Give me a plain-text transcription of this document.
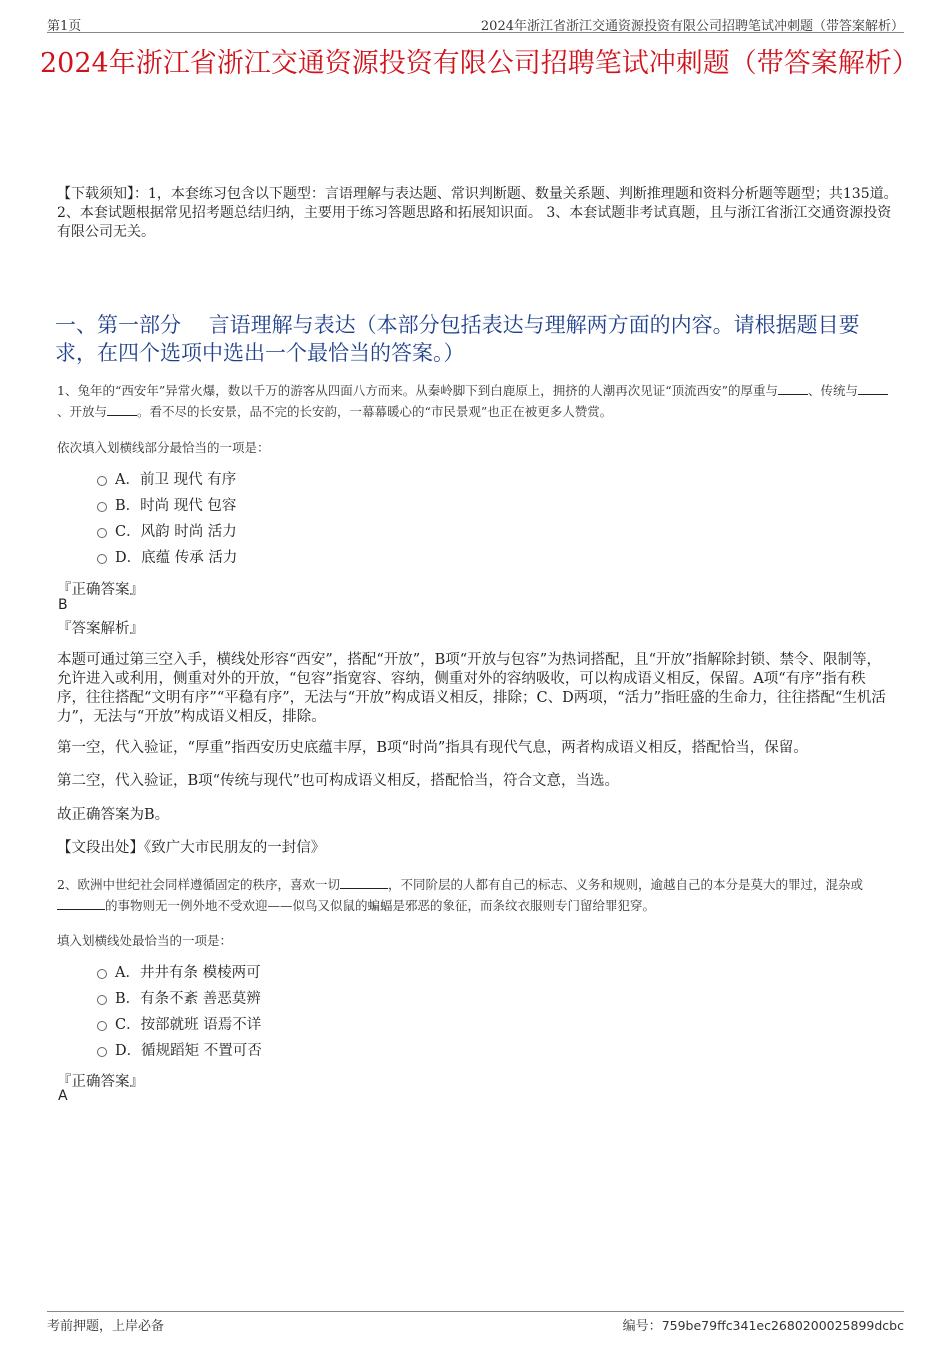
第1页	2024年浙江省浙江交通资源投资有限公司招聘笔试冲刺题（带答案解析）
2024年浙江省浙江交通资源投资有限公司招聘笔试冲刺题（带答案解析）
【下载须知】：1，本套练习包含以下题型：言语理解与表达题、常识判断题、数量关系题、判断推理题和资料分析题等题型；共135道。 2、本套试题根据常见招考题总结归纳，主要用于练习答题思路和拓展知识面。 3、本套试题非考试真题，且与浙江省浙江交通资源投资有限公司无关。
一、第一部分　 言语理解与表达（本部分包括表达与理解两方面的内容。请根据题目要求，在四个选项中选出一个最恰当的答案。）
1、兔年的“西安年”异常火爆，数以千万的游客从四面八方而来。从秦岭脚下到白鹿原上，拥挤的人潮再次见证“顶流西安”的厚重与 、传统与、开放与 。看不尽的长安景，品不完的长安韵，一幕幕暖心的“市民景观”也正在被更多人赞赏。
依次填入划横线部分最恰当的一项是：
A．前卫 现代 有序
B．时尚 现代 包容
C．风韵 时尚 活力
D．底蕴 传承 活力
『正确答案』
B
『答案解析』
本题可通过第三空入手，横线处形容“西安”，搭配“开放”，B项“开放与包容”为热词搭配，且“开放”指解除封锁、禁令、限制等，允许进入或利用，侧重对外的开放，“包容”指宽容、容纳，侧重对外的容纳吸收，可以构成语义相反，保留。A项“有序”指有秩序，往往搭配“文明有序”“平稳有序”，无法与“开放”构成语义相反，排除；C、D两项，“活力”指旺盛的生命力，往往搭配“生机活力”，无法与“开放”构成语义相反，排除。
第一空，代入验证，“厚重”指西安历史底蕴丰厚，B项“时尚”指具有现代气息，两者构成语义相反，搭配恰当，保留。
第二空，代入验证，B项“传统与现代”也可构成语义相反，搭配恰当，符合文意，当选。
故正确答案为B。
【文段出处】《致广大市民朋友的一封信》
2、欧洲中世纪社会同样遵循固定的秩序，喜欢一切	，不同阶层的人都有自己的标志、义务和规则，逾越自己的本分是莫大的罪过，混杂或的事物则无一例外地不受欢迎——似鸟又似鼠的蝙蝠是邪恶的象征，而条纹衣服则专门留给罪犯穿。
填入划横线处最恰当的一项是：
A．井井有条 模棱两可
B．有条不紊 善恶莫辨
C．按部就班 语焉不详
D．循规蹈矩 不置可否
『正确答案』
A
考前押题，上岸必备	编号：759be79ffc341ec2680200025899dcbc
